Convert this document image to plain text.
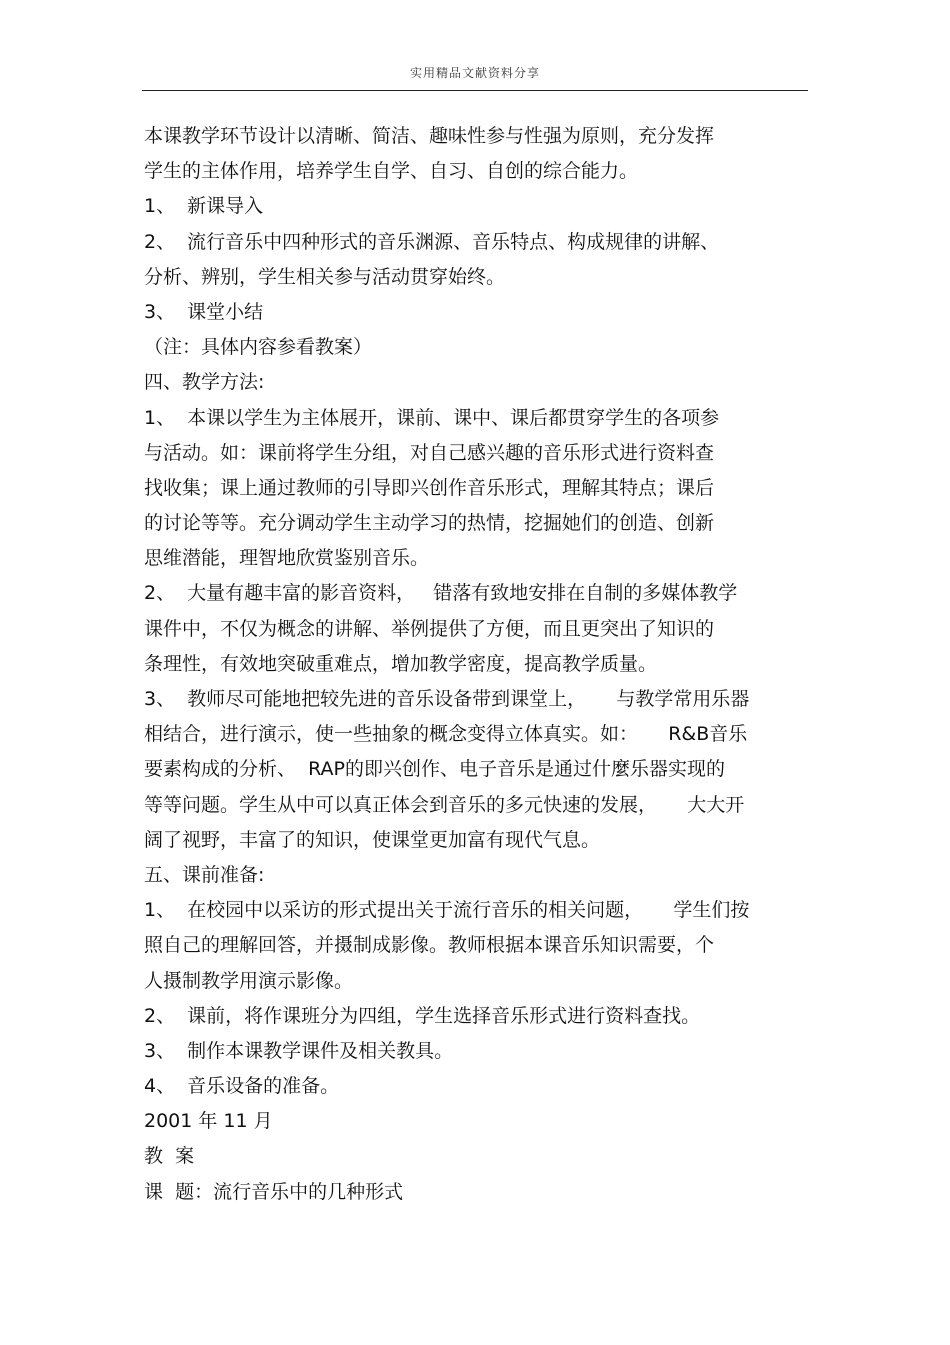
实用精品文献资料分享
本课教学环节设计以清晰、简洁、趣味性参与性强为原则，充分发挥
学生的主体作用，培养学生自学、自习、自创的综合能力。
1、  新课导入
2、  流行音乐中四种形式的音乐渊源、音乐特点、构成规律的讲解、
分析、辨别，学生相关参与活动贯穿始终。
3、  课堂小结
（注：具体内容参看教案）
四、教学方法:
1、  本课以学生为主体展开，课前、课中、课后都贯穿学生的各项参
与活动。如：课前将学生分组，对自己感兴趣的音乐形式进行资料查
找收集；课上通过教师的引导即兴创作音乐形式，理解其特点；课后
的讨论等等。充分调动学生主动学习的热情，挖掘她们的创造、创新
思维潜能，理智地欣赏鉴别音乐。
2、  大量有趣丰富的影音资料，   错落有致地安排在自制的多媒体教学
课件中，不仅为概念的讲解、举例提供了方便，而且更突出了知识的
条理性，有效地突破重难点，增加教学密度，提高教学质量。
3、  教师尽可能地把较先进的音乐设备带到课堂上，     与教学常用乐器
相结合，进行演示，使一些抽象的概念变得立体真实。如：     R&B音乐
要素构成的分析、  RAP的即兴创作、电子音乐是通过什麼乐器实现的
等等问题。学生从中可以真正体会到音乐的多元快速的发展，     大大开
阔了视野，丰富了的知识，使课堂更加富有现代气息。
五、课前准备:
1、  在校园中以采访的形式提出关于流行音乐的相关问题，     学生们按
照自己的理解回答，并摄制成影像。教师根据本课音乐知识需要，个
人摄制教学用演示影像。
2、  课前，将作课班分为四组，学生选择音乐形式进行资料查找。
3、  制作本课教学课件及相关教具。
4、  音乐设备的准备。
2001 年 11 月
教  案
课  题：流行音乐中的几种形式
